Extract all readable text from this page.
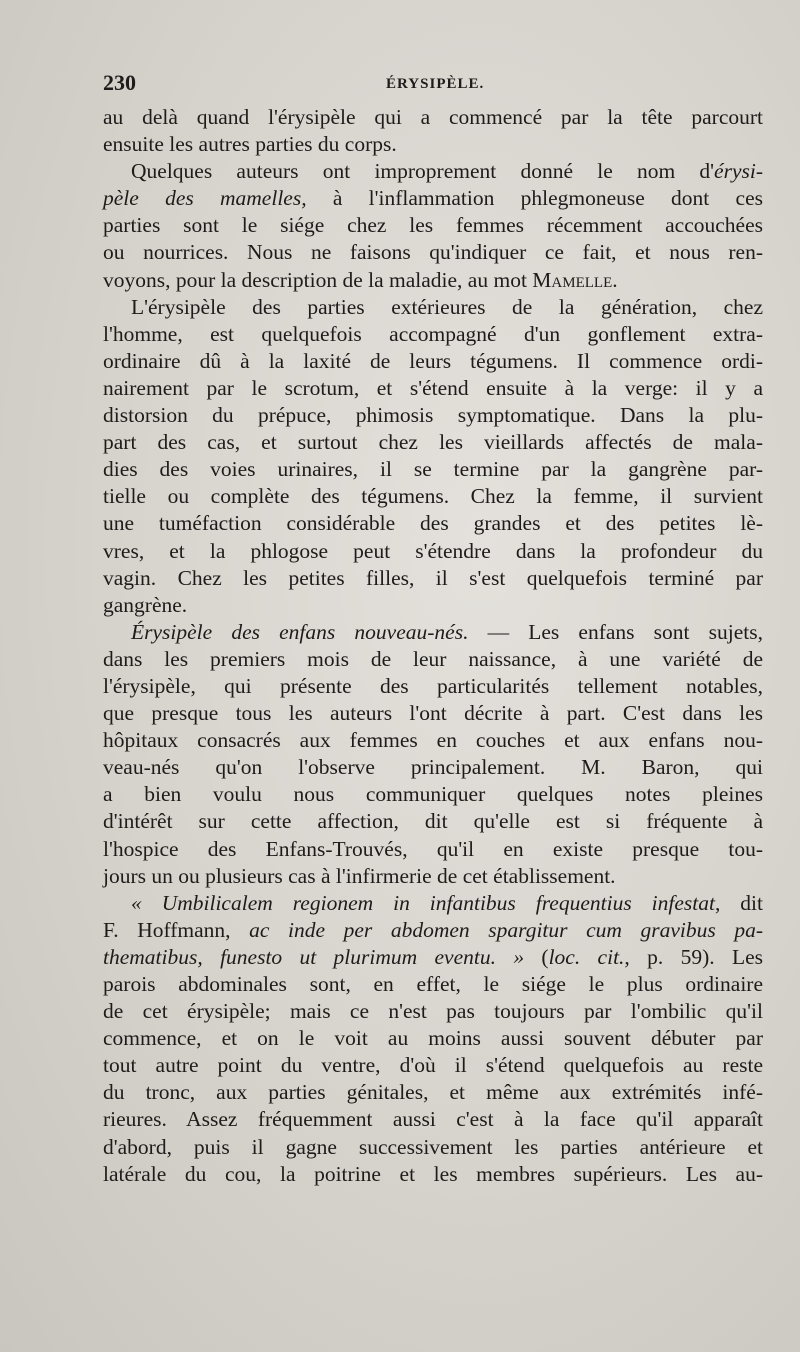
230	ÉRYSIPÈLE.
au delà quand l'érysipèle qui a commencé par la tête parcourt
ensuite les autres parties du corps.
Quelques auteurs ont improprement donné le nom d'érysi-
pèle des mamelles, à l'inflammation phlegmoneuse dont ces
parties sont le siége chez les femmes récemment accouchées
ou nourrices. Nous ne faisons qu'indiquer ce fait, et nous ren-
voyons, pour la description de la maladie, au mot Mamelle.
L'érysipèle des parties extérieures de la génération, chez
l'homme, est quelquefois accompagné d'un gonflement extra-
ordinaire dû à la laxité de leurs tégumens. Il commence ordi-
nairement par le scrotum, et s'étend ensuite à la verge: il y a
distorsion du prépuce, phimosis symptomatique. Dans la plu-
part des cas, et surtout chez les vieillards affectés de mala-
dies des voies urinaires, il se termine par la gangrène par-
tielle ou complète des tégumens. Chez la femme, il survient
une tuméfaction considérable des grandes et des petites lè-
vres, et la phlogose peut s'étendre dans la profondeur du
vagin. Chez les petites filles, il s'est quelquefois terminé par
gangrène.
Érysipèle des enfans nouveau-nés. — Les enfans sont sujets,
dans les premiers mois de leur naissance, à une variété de
l'érysipèle, qui présente des particularités tellement notables,
que presque tous les auteurs l'ont décrite à part. C'est dans les
hôpitaux consacrés aux femmes en couches et aux enfans nou-
veau-nés qu'on l'observe principalement. M. Baron, qui
a bien voulu nous communiquer quelques notes pleines
d'intérêt sur cette affection, dit qu'elle est si fréquente à
l'hospice des Enfans-Trouvés, qu'il en existe presque tou-
jours un ou plusieurs cas à l'infirmerie de cet établissement.
« Umbilicalem regionem in infantibus frequentius infestat, dit
F. Hoffmann, ac inde per abdomen spargitur cum gravibus pa-
thematibus, funesto ut plurimum eventu. » (loc. cit., p. 59). Les
parois abdominales sont, en effet, le siége le plus ordinaire
de cet érysipèle; mais ce n'est pas toujours par l'ombilic qu'il
commence, et on le voit au moins aussi souvent débuter par
tout autre point du ventre, d'où il s'étend quelquefois au reste
du tronc, aux parties génitales, et même aux extrémités infé-
rieures. Assez fréquemment aussi c'est à la face qu'il apparaît
d'abord, puis il gagne successivement les parties antérieure et
latérale du cou, la poitrine et les membres supérieurs. Les au-
